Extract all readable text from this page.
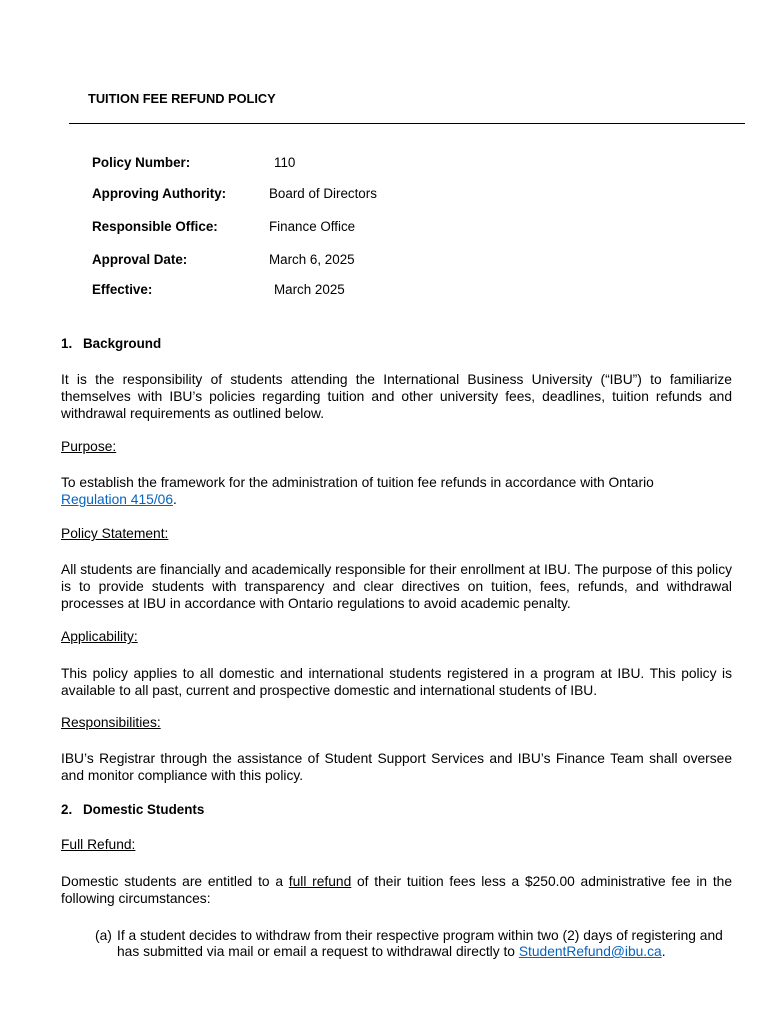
TUITION FEE REFUND POLICY
Policy Number:	110
Approving Authority:	Board of Directors
Responsible Office:	Finance Office
Approval Date:	March 6, 2025
Effective:	March 2025
1. Background
It is the responsibility of students attending the International Business University (“IBU”) to familiarize themselves with IBU’s policies regarding tuition and other university fees, deadlines, tuition refunds and withdrawal requirements as outlined below.
Purpose:
To establish the framework for the administration of tuition fee refunds in accordance with Ontario
Regulation 415/06.
Policy Statement:
All students are financially and academically responsible for their enrollment at IBU. The purpose of this policy is to provide students with transparency and clear directives on tuition, fees, refunds, and withdrawal processes at IBU in accordance with Ontario regulations to avoid academic penalty.
Applicability:
This policy applies to all domestic and international students registered in a program at IBU. This policy is available to all past, current and prospective domestic and international students of IBU.
Responsibilities:
IBU’s Registrar through the assistance of Student Support Services and IBU’s Finance Team shall oversee and monitor compliance with this policy.
2. Domestic Students
Full Refund:
Domestic students are entitled to a full refund of their tuition fees less a $250.00 administrative fee in the following circumstances:
(a) If a student decides to withdraw from their respective program within two (2) days of registering and has submitted via mail or email a request to withdrawal directly to StudentRefund@ibu.ca.
